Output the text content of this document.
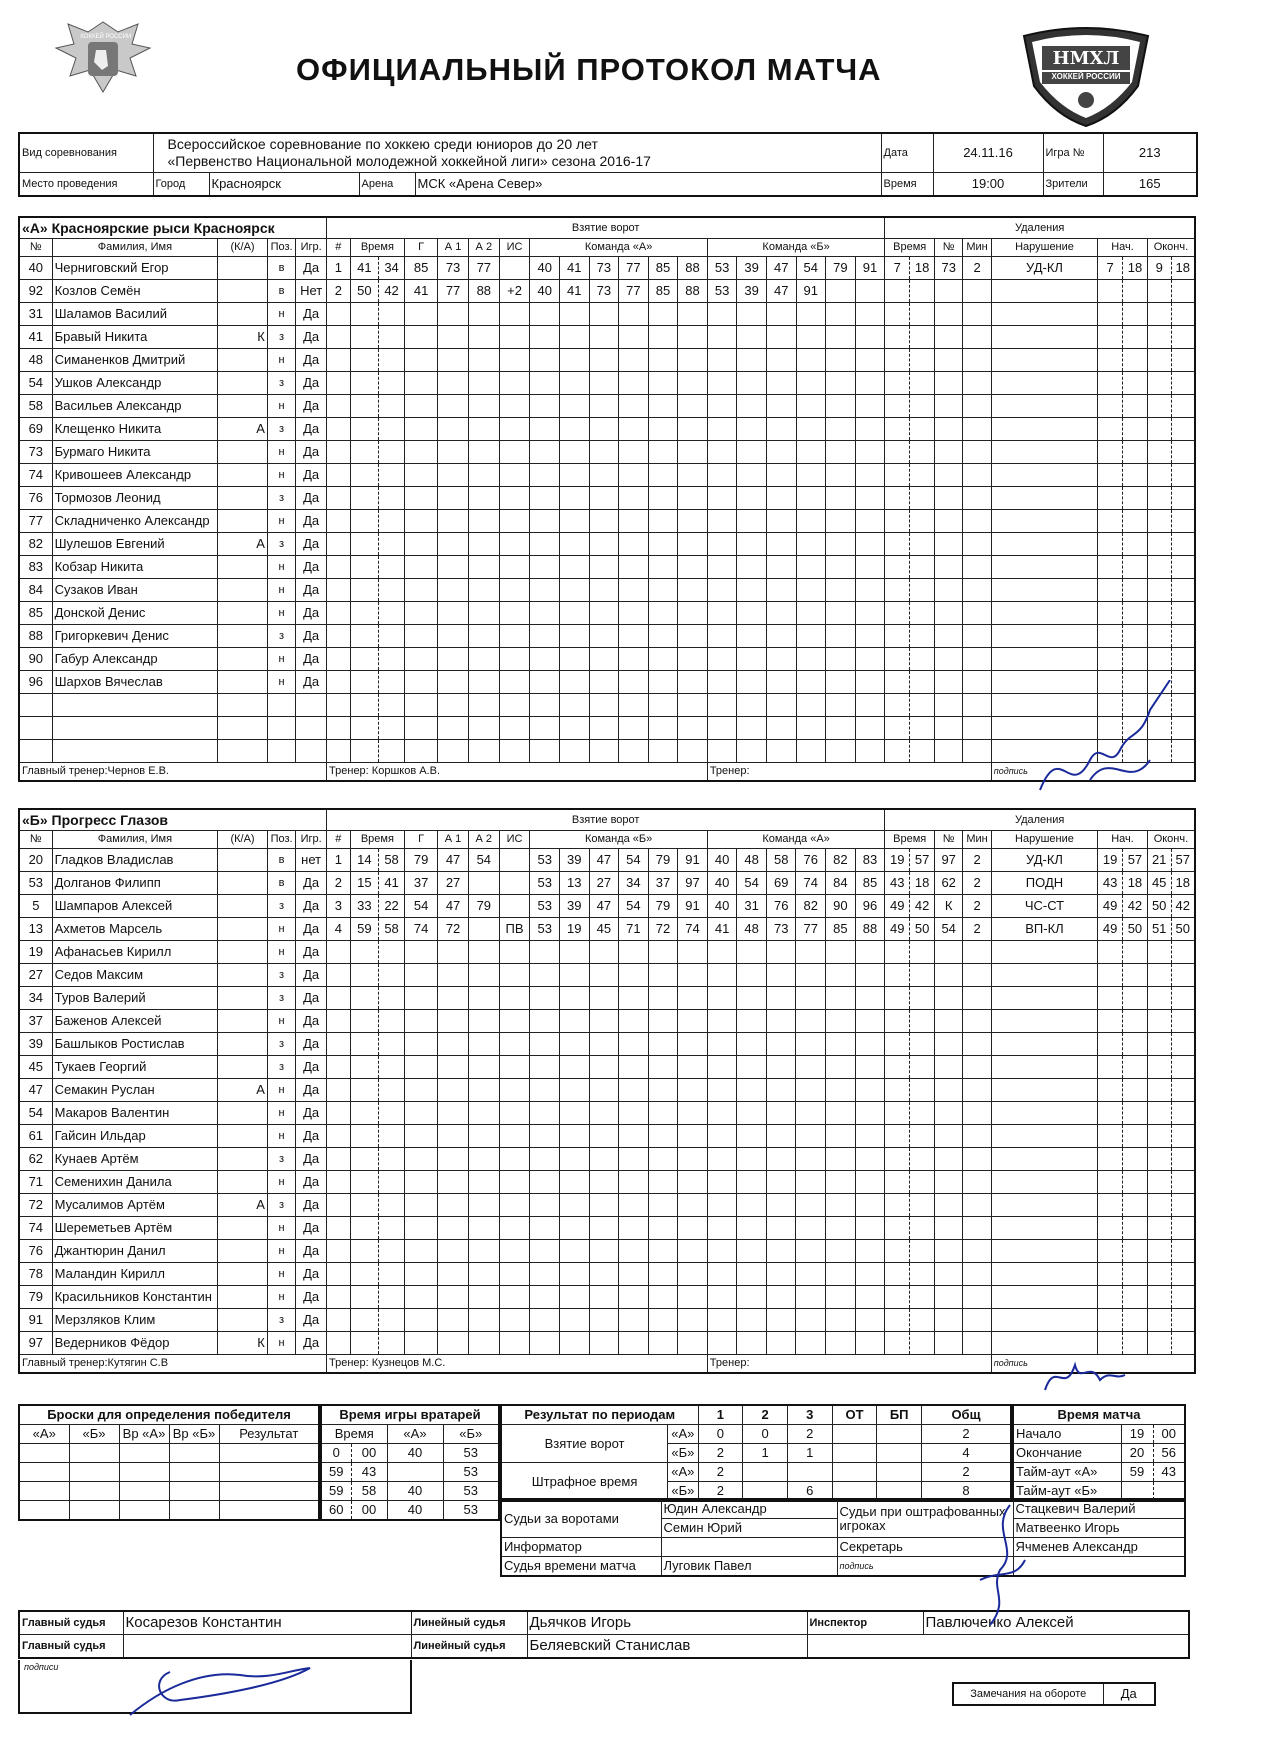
ХОККЕЙ РОССИИ
ОФИЦИАЛЬНЫЙ ПРОТОКОЛ МАТЧА	НМХЛ
ХОККЕЙ РОССИИ
Вид соревнования	Всероссийское соревнование по хоккею среди юниоров до 20 лет
«Первенство Национальной молодежной хоккейной лиги» сезона 2016-17				Дата	24.11.16	Игра №	213
Место проведения	Город	Красноярск	Арена	МСК «Арена Север»	Время	19:00	Зрители	165
«А» Красноярские рыси Красноярск					Взятие ворот																			Удаления								
№	Фамилия, Имя	(К/А)	Поз.	Игр.	#	Время		Г	А 1	А 2	ИС	Команда «А»						Команда «Б»						Время		№	Мин	Нарушение	Нач.		Оконч.	
40	Черниговский Егор		в	Да	1	41	34	85	73	77		40	41	73	77	85	88	53	39	47	54	79	91	7	18	73	2	УД-КЛ	7	18	9	18
92	Козлов Семён		в	Нет	2	50	42	41	77	88	+2	40	41	73	77	85	88	53	39	47	91											
31	Шаламов Василий		н	Да																												
41	Бравый Никита	К	з	Да																												
48	Симаненков Дмитрий		н	Да																												
54	Ушков Александр		з	Да																												
58	Васильев Александр		н	Да																												
69	Клещенко Никита	А	з	Да																												
73	Бурмаго Никита		н	Да																												
74	Кривошеев Александр		н	Да																												
76	Тормозов Леонид		з	Да																												
77	Складниченко Александр		н	Да																												
82	Шулешов Евгений	А	з	Да																												
83	Кобзар Никита		н	Да																												
84	Сузаков Иван		н	Да																												
85	Донской Денис		н	Да																												
88	Григоркевич Денис		з	Да																												
90	Габур Александр		н	Да																												
96	Шархов Вячеслав		н	Да																												

Главный тренер:Чернов Е.В.					Тренер: Коршков А.В.													Тренер:										подпись				
«Б» Прогресс Глазов					Взятие ворот																			Удаления								
№	Фамилия, Имя	(К/А)	Поз.	Игр.	#	Время		Г	А 1	А 2	ИС	Команда «Б»						Команда «А»						Время		№	Мин	Нарушение	Нач.		Оконч.	
20	Гладков Владислав		в	нет	1	14	58	79	47	54		53	39	47	54	79	91	40	48	58	76	82	83	19	57	97	2	УД-КЛ	19	57	21	57
53	Долганов Филипп		в	Да	2	15	41	37	27			53	13	27	34	37	97	40	54	69	74	84	85	43	18	62	2	ПОДН	43	18	45	18
5	Шампаров Алексей		з	Да	3	33	22	54	47	79		53	39	47	54	79	91	40	31	76	82	90	96	49	42	К	2	ЧС-СТ	49	42	50	42
13	Ахметов Марсель		н	Да	4	59	58	74	72		ПВ	53	19	45	71	72	74	41	48	73	77	85	88	49	50	54	2	ВП-КЛ	49	50	51	50
19	Афанасьев Кирилл		н	Да																												
27	Седов Максим		з	Да																												
34	Туров Валерий		з	Да																												
37	Баженов Алексей		н	Да																												
39	Башлыков Ростислав		з	Да																												
45	Тукаев Георгий		з	Да																												
47	Семакин Руслан	А	н	Да																												
54	Макаров Валентин		н	Да																												
61	Гайсин Ильдар		н	Да																												
62	Кунаев Артём		з	Да																												
71	Семенихин Данила		н	Да																												
72	Мусалимов Артём	А	з	Да																												
74	Шереметьев Артём		н	Да																												
76	Джантюрин Данил		н	Да																												
78	Маландин Кирилл		н	Да																												
79	Красильников Константин		н	Да																												
91	Мерзляков Клим		з	Да																												
97	Ведерников Фёдор	К	н	Да																												
Главный тренер:Кутягин С.В					Тренер: Кузнецов М.С.													Тренер:										подпись				
Броски для определения победителя				
«А»	«Б»	Вр «А»	Вр «Б»	Результат

Время игры вратарей			
Время		«А»	«Б»
0	00	40	53
59	43		53
59	58	40	53
60	00	40	53
Результат по периодам		1	2	3	ОТ	БП	Общ
Взятие ворот	«А»	0	0	2			2
	«Б»	2	1	1			4
Штрафное время	«А»	2					2
	«Б»	2		6			8
Время матча		
Начало	19	00
Окончание	20	56
Тайм-аут «А»	59	43
Тайм-аут «Б»		
Судьи за воротами	Юдин Александр	Судьи при оштрафованных игроках	Стацкевич Валерий
	Семин Юрий		Матвеенко Игорь
Информатор		Секретарь	Ячменев Александр
Судья времени матча	Луговик Павел	подпись	
Главный судья	Косарезов Константин	Линейный судья	Дьячков Игорь	Инспектор	Павлюченко Алексей
Главный судья		Линейный судья	Беляевский Станислав		
подписи
Замечания на обороте	Да
